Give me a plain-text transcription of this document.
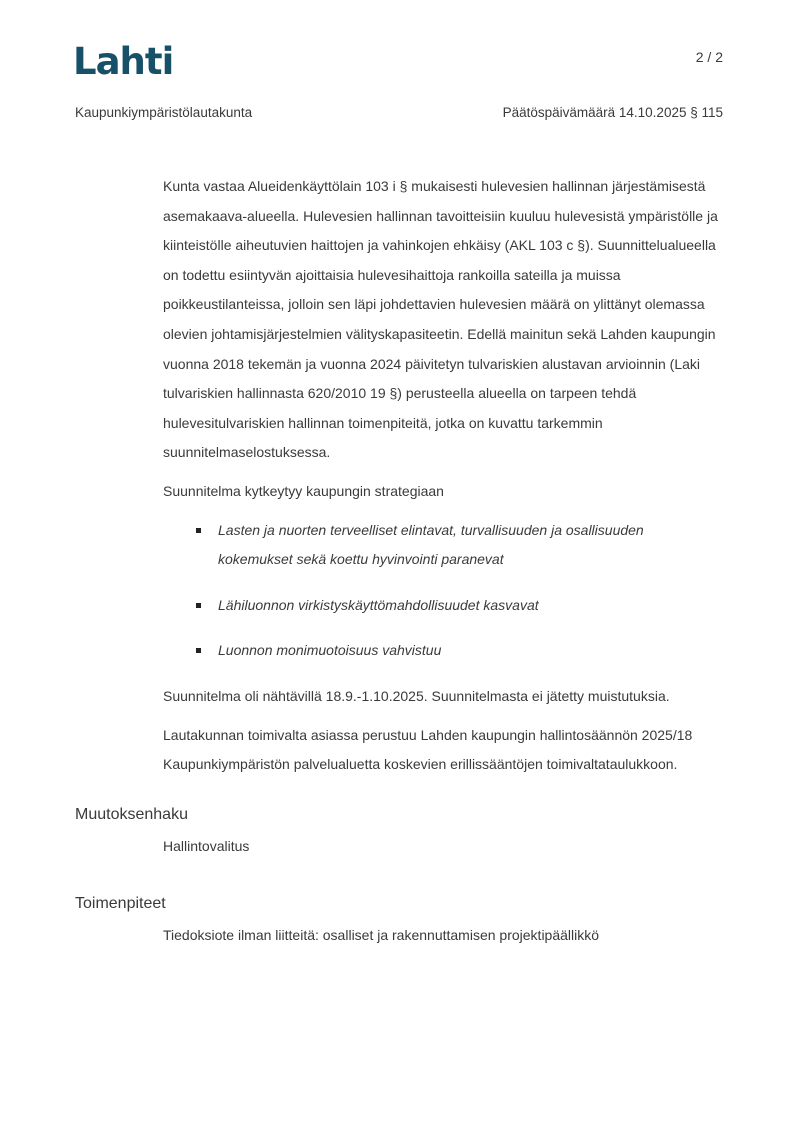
Lahti	2 / 2
Kaupunkiympäristölautakunta	Päätöspäivämäärä 14.10.2025 § 115

Kunta vastaa Alueidenkäyttölain 103 i § mukaisesti hulevesien hallinnan järjestämisestä asemakaava-alueella. Hulevesien hallinnan tavoitteisiin kuuluu hulevesistä ympäristölle ja kiinteistölle aiheutuvien haittojen ja vahinkojen ehkäisy (AKL 103 c §). Suunnittelualueella on todettu esiintyvän ajoittaisia hulevesihaittoja rankoilla sateilla ja muissa poikkeustilanteissa, jolloin sen läpi johdettavien hulevesien määrä on ylittänyt olemassa olevien johtamisjärjestelmien välityskapasiteetin. Edellä mainitun sekä Lahden kaupungin vuonna 2018 tekemän ja vuonna 2024 päivitetyn tulvariskien alustavan arvioinnin (Laki tulvariskien hallinnasta 620/2010 19 §) perusteella alueella on tarpeen tehdä hulevesitulvariskien hallinnan toimenpiteitä, jotka on kuvattu tarkemmin suunnitelmaselostuksessa.

Suunnitelma kytkeytyy kaupungin strategiaan

Lasten ja nuorten terveelliset elintavat, turvallisuuden ja osallisuuden kokemukset sekä koettu hyvinvointi paranevat
Lähiluonnon virkistyskäyttömahdollisuudet kasvavat
Luonnon monimuotoisuus vahvistuu

Suunnitelma oli nähtävillä 18.9.-1.10.2025. Suunnitelmasta ei jätetty muistutuksia.

Lautakunnan toimivalta asiassa perustuu Lahden kaupungin hallintosäännön 2025/18 Kaupunkiympäristön palvelualuetta koskevien erillissääntöjen toimivaltataulukkoon.

Muutoksenhaku
Hallintovalitus
Toimenpiteet
Tiedoksiote ilman liitteitä: osalliset ja rakennuttamisen projektipäällikkö
